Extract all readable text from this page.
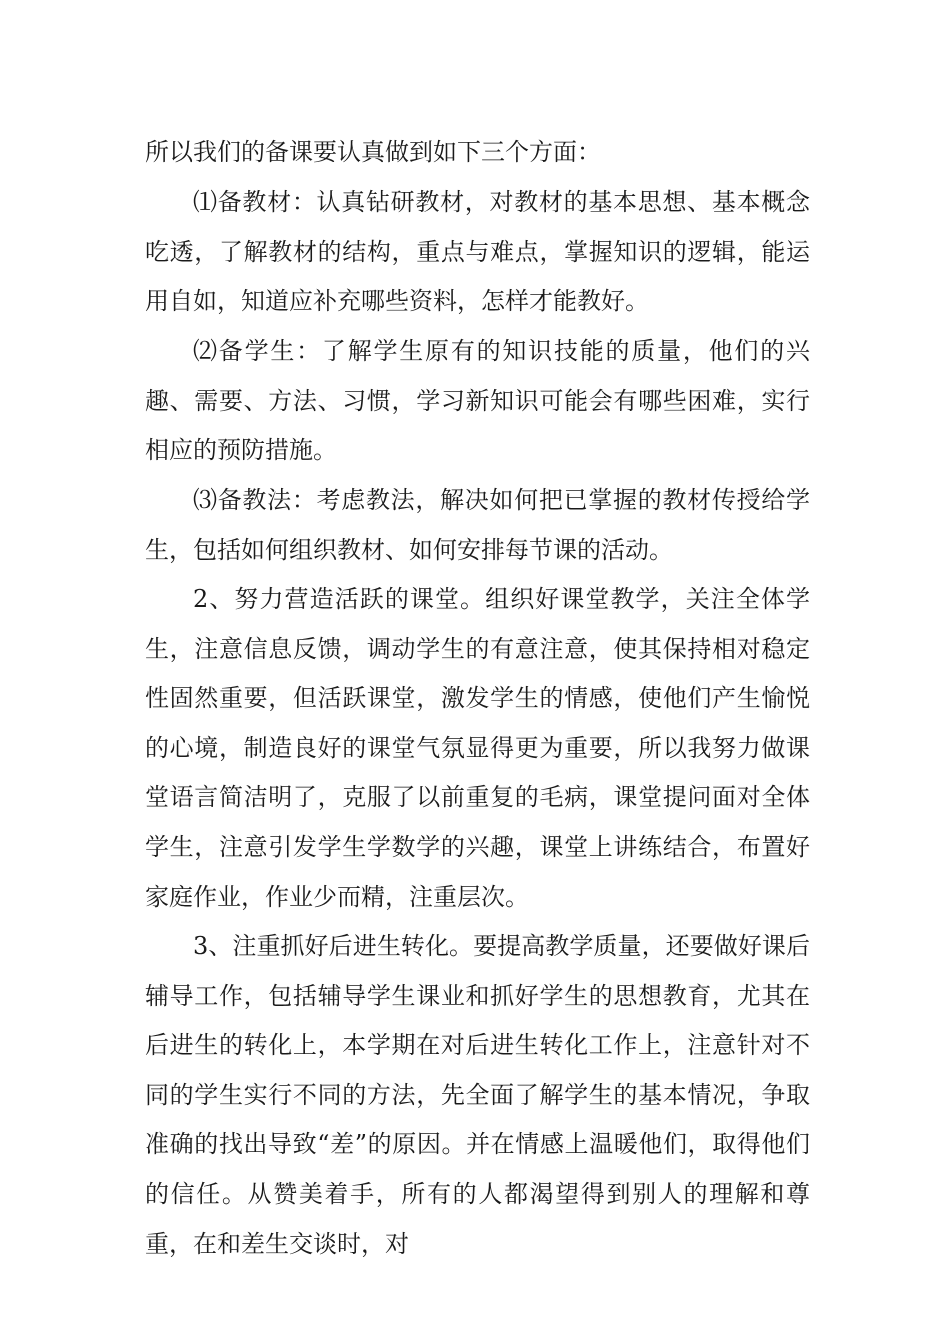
所以我们的备课要认真做到如下三个方面：

⑴备教材：认真钻研教材，对教材的基本思想、基本概念吃透，了解教材的结构，重点与难点，掌握知识的逻辑，能运用自如，知道应补充哪些资料，怎样才能教好。

⑵备学生：了解学生原有的知识技能的质量，他们的兴趣、需要、方法、习惯，学习新知识可能会有哪些困难，实行相应的预防措施。

⑶备教法：考虑教法，解决如何把已掌握的教材传授给学生，包括如何组织教材、如何安排每节课的活动。

2、努力营造活跃的课堂。组织好课堂教学，关注全体学生，注意信息反馈，调动学生的有意注意，使其保持相对稳定性固然重要，但活跃课堂，激发学生的情感，使他们产生愉悦的心境，制造良好的课堂气氛显得更为重要，所以我努力做课堂语言简洁明了，克服了以前重复的毛病，课堂提问面对全体学生，注意引发学生学数学的兴趣，课堂上讲练结合，布置好家庭作业，作业少而精，注重层次。

3、注重抓好后进生转化。要提高教学质量，还要做好课后辅导工作，包括辅导学生课业和抓好学生的思想教育，尤其在后进生的转化上，本学期在对后进生转化工作上，注意针对不同的学生实行不同的方法，先全面了解学生的基本情况，争取准确的找出导致“差”的原因。并在情感上温暖他们，取得他们的信任。从赞美着手，所有的人都渴望得到别人的理解和尊重，在和差生交谈时，对
